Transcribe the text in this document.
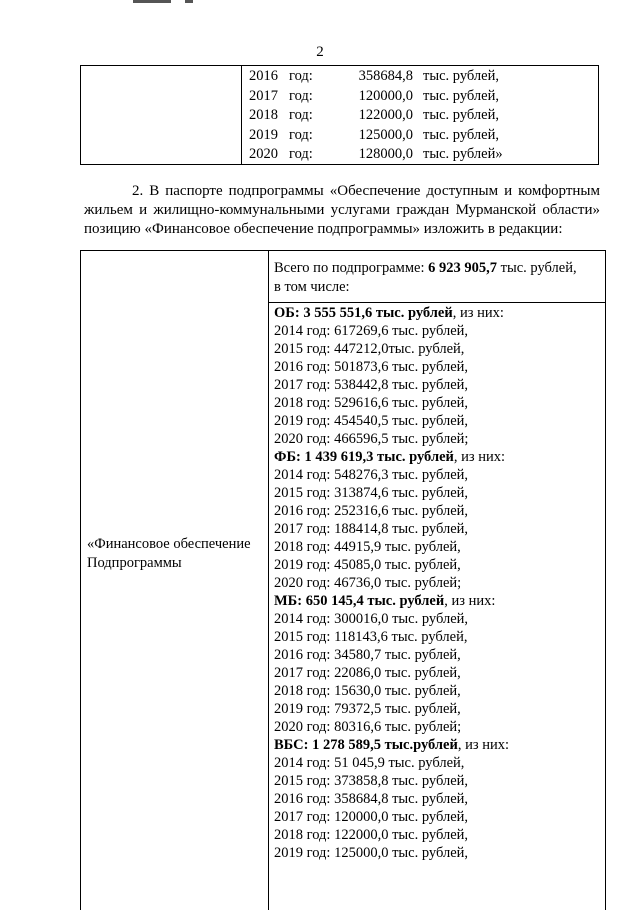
2
2016 год:	358684,8 тыс. рублей,
2017 год:	120000,0 тыс. рублей,
2018 год:	122000,0 тыс. рублей,
2019 год:	125000,0 тыс. рублей,
2020 год:	128000,0 тыс. рублей»
2. В паспорте подпрограммы «Обеспечение доступным и комфортным
жильем и жилищно-коммунальными услугами граждан Мурманской области»
позицию «Финансовое обеспечение подпрограммы» изложить в редакции:
«Финансовое обеспечение
Подпрограммы
Всего по подпрограмме: 6 923 905,7 тыс. рублей,
в том числе:
ОБ: 3 555 551,6 тыс. рублей, из них:
2014 год: 617269,6 тыс. рублей,
2015 год: 447212,0тыс. рублей,
2016 год: 501873,6 тыс. рублей,
2017 год: 538442,8 тыс. рублей,
2018 год: 529616,6 тыс. рублей,
2019 год: 454540,5 тыс. рублей,
2020 год: 466596,5 тыс. рублей;
ФБ: 1 439 619,3 тыс. рублей, из них:
2014 год: 548276,3 тыс. рублей,
2015 год: 313874,6 тыс. рублей,
2016 год: 252316,6 тыс. рублей,
2017 год: 188414,8 тыс. рублей,
2018 год: 44915,9 тыс. рублей,
2019 год: 45085,0 тыс. рублей,
2020 год: 46736,0 тыс. рублей;
МБ: 650 145,4 тыс. рублей, из них:
2014 год: 300016,0 тыс. рублей,
2015 год: 118143,6 тыс. рублей,
2016 год: 34580,7 тыс. рублей,
2017 год: 22086,0 тыс. рублей,
2018 год: 15630,0 тыс. рублей,
2019 год: 79372,5 тыс. рублей,
2020 год: 80316,6 тыс. рублей;
ВБС: 1 278 589,5 тыс.рублей, из них:
2014 год: 51 045,9 тыс. рублей,
2015 год: 373858,8 тыс. рублей,
2016 год: 358684,8 тыс. рублей,
2017 год: 120000,0 тыс. рублей,
2018 год: 122000,0 тыс. рублей,
2019 год: 125000,0 тыс. рублей,
